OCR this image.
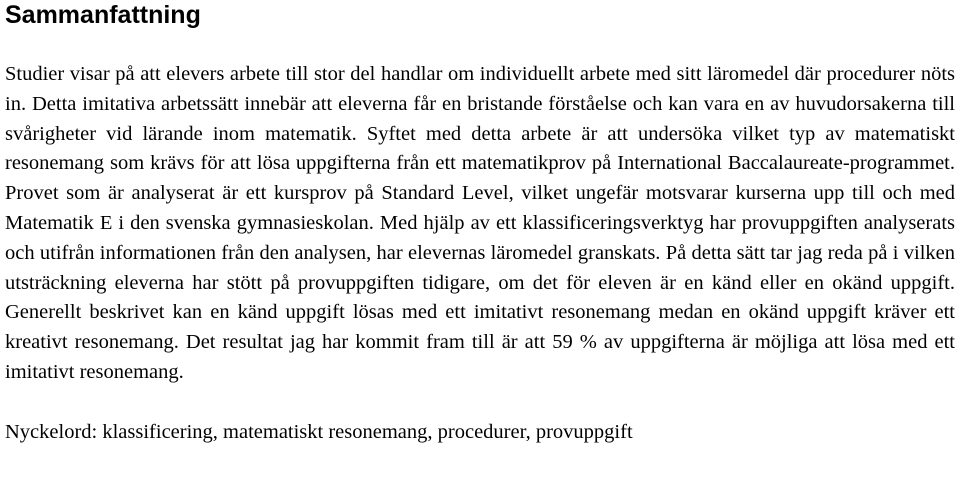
Sammanfattning

Studier visar på att elevers arbete till stor del handlar om individuellt arbete med sitt läromedel där procedurer nöts in. Detta imitativa arbetssätt innebär att eleverna får en bristande förståelse och kan vara en av huvudorsakerna till svårigheter vid lärande inom matematik. Syftet med detta arbete är att undersöka vilket typ av matematiskt resonemang som krävs för att lösa uppgifterna från ett matematikprov på International Baccalaureate-programmet. Provet som är analyserat är ett kursprov på Standard Level, vilket ungefär motsvarar kurserna upp till och med Matematik E i den svenska gymnasieskolan. Med hjälp av ett klassificeringsverktyg har provuppgiften analyserats och utifrån informationen från den analysen, har elevernas läromedel granskats. På detta sätt tar jag reda på i vilken utsträckning eleverna har stött på provuppgiften tidigare, om det för eleven är en känd eller en okänd uppgift. Generellt beskrivet kan en känd uppgift lösas med ett imitativt resonemang medan en okänd uppgift kräver ett kreativt resonemang. Det resultat jag har kommit fram till är att 59 % av uppgifterna är möjliga att lösa med ett imitativt resonemang.

Nyckelord: klassificering, matematiskt resonemang, procedurer, provuppgift
